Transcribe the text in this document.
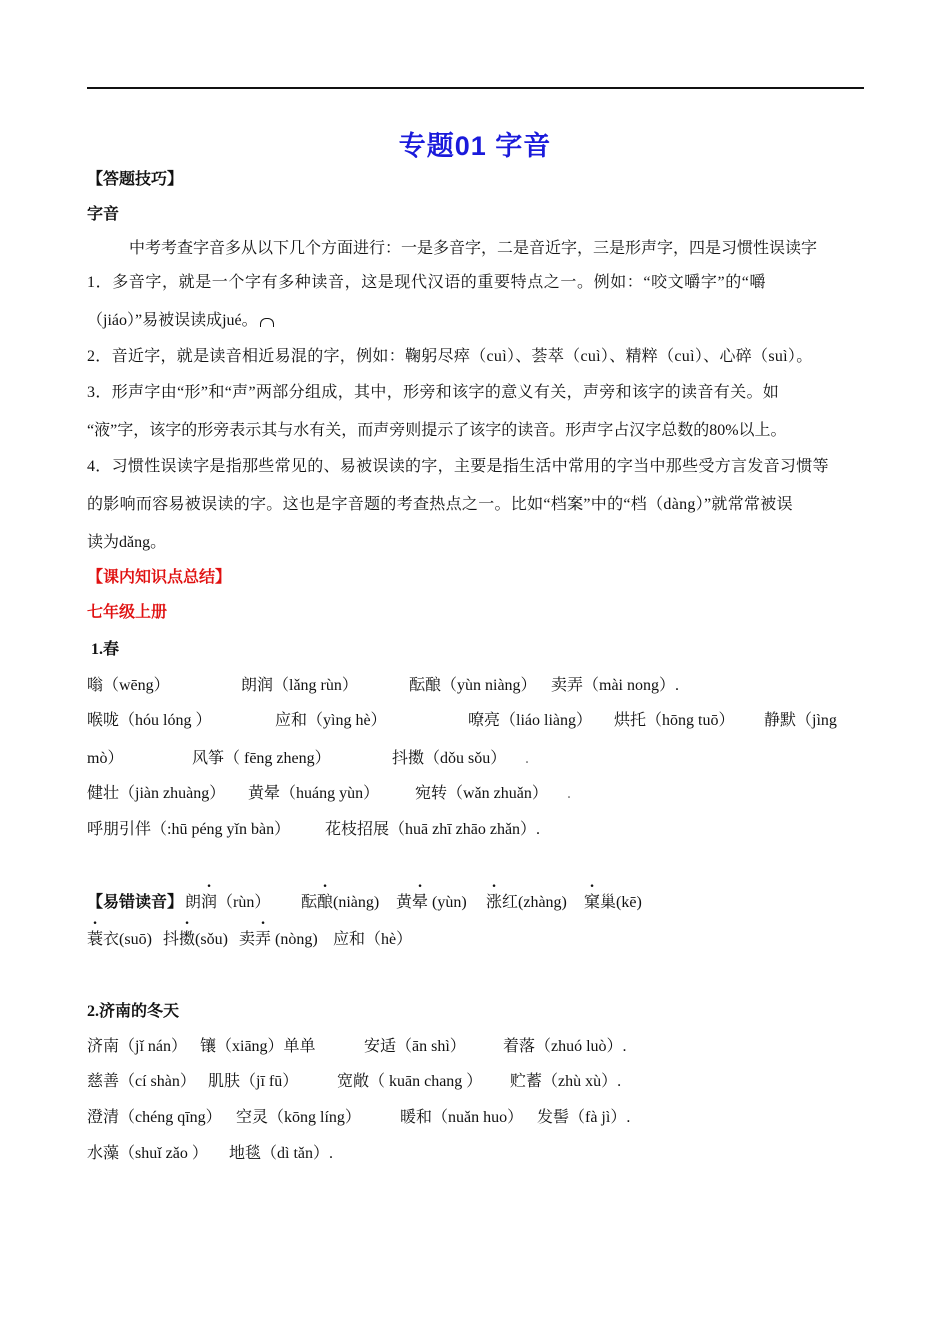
专题01 字音
【答题技巧】
字音
中考考查字音多从以下几个方面进行：一是多音字，二是音近字，三是形声字，四是习惯性误读字
1．多音字，就是一个字有多种读音，这是现代汉语的重要特点之一。例如：“咬文嚼字”的“嚼
（jiáo）”易被误读成jué。
2．音近字，就是读音相近易混的字，例如：鞠躬尽瘁（cuì）、荟萃（cuì）、精粹（cuì）、心碎（suì）。
3．形声字由“形”和“声”两部分组成，其中，形旁和该字的意义有关，声旁和该字的读音有关。如
“液”字，该字的形旁表示其与水有关，而声旁则提示了该字的读音。形声字占汉字总数的80%以上。
4．习惯性误读字是指那些常见的、易被误读的字，主要是指生活中常用的字当中那些受方言发音习惯等
的影响而容易被误读的字。这也是字音题的考查热点之一。比如“档案”中的“档（dàng）”就常常被误
读为dǎng。
【课内知识点总结】
七年级上册
1.春
嗡（wēng）	朗润（lǎng rùn）	酝酿（yùn niàng） 卖弄（mài nong）.
喉咙（hóu lóng ）	应和（yìng hè）	嘹亮（liáo liàng） 烘托（hōng tuō） 静默（jìng
mò）	风筝（ fēng zheng）	抖擞（dǒu sǒu） .
健壮（jiàn zhuàng） 黄晕（huáng yùn） 宛转（wǎn zhuǎn） .
呼朋引伴（:hū péng yǐn bàn） 花枝招展（huā zhī zhāo zhǎn）.
【易错读音】 朗润（rùn） 酝酿(niàng) 黄晕 (yùn) 涨红(zhàng) 窠巢(kē)
蓑衣(suō) 抖擞(sǒu) 卖弄 (nòng) 应和（hè）
2.济南的冬天
济南（jǐ nán） 镶（xiāng）单单	安适（ān shì） 着落（zhuó luò）.
慈善（cí shàn） 肌肤（jī fū） 宽敞（ kuān chang ） 贮蓄（zhù xù）.
澄清（chéng qīng） 空灵（kōng líng） 暖和（nuǎn huo） 发髻（fà jì）.
水藻（shuǐ zǎo ） 地毯（dì tǎn）.
